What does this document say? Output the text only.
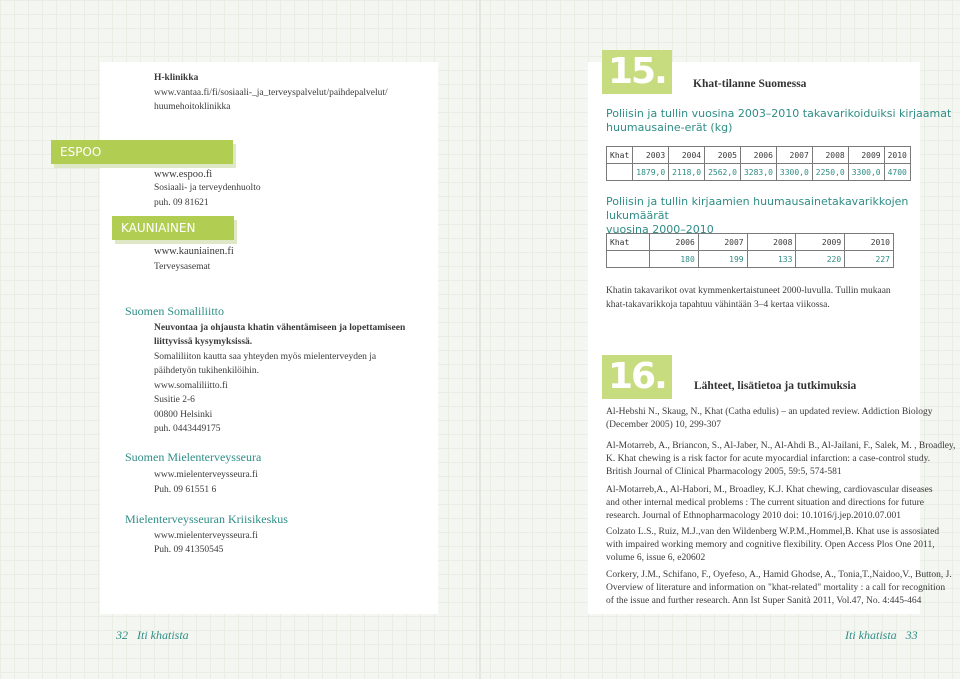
H-klinikka
www.vantaa.fi/fi/sosiaali-_ja_terveyspalvelut/paihdepalvelut/
huumehoitoklinikka
ESPOO
www.espoo.fi
Sosiaali- ja terveydenhuolto
puh. 09 81621
KAUNIAINEN
www.kauniainen.fi
Terveysasemat
Suomen Somaliliitto
Neuvontaa ja ohjausta khatin vähentämiseen ja lopettamiseen
liittyvissä kysymyksissä.
Somaliliiton kautta saa yhteyden myös mielenterveyden ja
päihdetyön tukihenkilöihin.
www.somaliliitto.fi
Susitie 2-6
00800 Helsinki
puh. 0443449175
Suomen Mielenterveysseura
www.mielenterveysseura.fi
Puh. 09 61551 6
Mielenterveysseuran Kriisikeskus
www.mielenterveysseura.fi
Puh. 09 41350545
32 Iti khatista
15.	Khat-tilanne Suomessa
Poliisin ja tullin vuosina 2003–2010 takavarikoiduiksi kirjaamat
huumausaine-erät (kg)
Khat	2003	2004	2005	2006	2007	2008	2009	2010
	1879,0	2118,0	2562,0	3283,0	3300,0	2250,0	3300,0	4700
Poliisin ja tullin kirjaamien huumausainetakavarikkojen lukumäärät
vuosina 2000–2010
Khat	2006	2007	2008	2009	2010
	180	199	133	220	227
Khatin takavarikot ovat kymmenkertaistuneet 2000-luvulla. Tullin mukaan
khat-takavarikkoja tapahtuu vähintään 3–4 kertaa viikossa.
16.	Lähteet, lisätietoa ja tutkimuksia
Al-Hebshi N., Skaug, N., Khat (Catha edulis) – an updated review. Addiction Biology
(December 2005) 10, 299-307
Al-Motarreb, A., Briancon, S., Al-Jaber, N., Al-Ahdi B., Al-Jailani, F., Salek, M. , Broadley,
K. Khat chewing is a risk factor for acute myocardial infarction: a case-control study.
British Journal of Clinical Pharmacology 2005, 59:5, 574-581
Al-Motarreb,A., Al-Habori, M., Broadley, K.J. Khat chewing, cardiovascular diseases
and other internal medical problems : The current situation and directions for future
research. Journal of Ethnopharmacology 2010 doi: 10.1016/j.jep.2010.07.001
Colzato L.S., Ruiz, M.J.,van den Wildenberg W.P.M.,Hommel,B. Khat use is assosiated
with impaired working memory and cognitive flexibility. Open Access Plos One 2011,
volume 6, issue 6, e20602
Corkery, J.M., Schifano, F., Oyefeso, A., Hamid Ghodse, A., Tonia,T.,Naidoo,V., Button, J.
Overview of literature and information on "khat-related" mortality : a call for recognition
of the issue and further research. Ann Ist Super Sanità 2011, Vol.47, No. 4:445-464
Iti khatista 33
